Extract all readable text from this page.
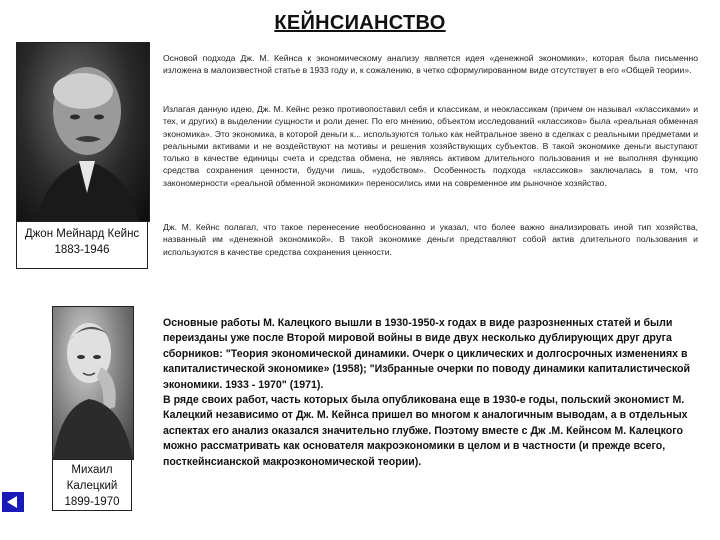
КЕЙНСИАНСТВО
Джон Мейнард Кейнс
1883-1946

Основой подхода Дж. М. Кейнса к экономическому анализу является идея «денежной экономики», которая была письменно изложена в малоизвестной статье в 1933 году и, к сожалению, в четко сформулированном виде отсутствует в его «Общей теории».

Излагая данную идею, Дж. М. Кейнс резко противопоставил себя и классикам, и неоклассикам (причем он называл «классиками» и тех, и других) в выделении сущности и роли денег. По его мнению, объектом исследований «классиков» была «реальная обменная экономика». Это экономика, в которой деньги к... используются только как нейтральное звено в сделках с реальными предметами и реальными активами и не воздействуют на мотивы и решения хозяйствующих субъектов. В такой экономике деньги выступают только в качестве единицы счета и средства обмена, не являясь активом длительного пользования и не выполняя функцию средства сохранения ценности, будучи лишь, «удобством». Особенность подхода «классиков» заключалась в том, что закономерности «реальной обменной экономики» переносились ими на современное им рыночное хозяйство.

Дж. М. Кейнс полагал, что такое перенесение необоснованно и указал, что более важно анализировать иной тип хозяйства, названный им «денежной экономикой». В такой экономике деньги представляют собой актив длительного пользования и используются в качестве средства сохранения ценности.

Михаил Калецкий
1899-1970

Основные работы М. Калецкого вышли в 1930-1950-х годах в виде разрозненных статей и были переизданы уже после Второй мировой войны в виде двух несколько дублирующих друг друга сборников: "Теория экономической динамики. Очерк о циклических и долгосрочных изменениях в капиталистической экономике» (1958); "Избранные очерки по поводу динамики капиталистической экономики. 1933 - 1970" (1971).
В ряде своих работ, часть которых была опубликована еще в 1930-е годы, польский экономист М. Калецкий независимо от Дж. М. Кейнса пришел во многом к аналогичным выводам, а в отдельных аспектах его анализ оказался значительно глубже. Поэтому вместе с Дж .М. Кейнсом М. Калецкого можно рассматривать как основателя макроэкономики в целом и в частности (и прежде всего, посткейнсианской макроэкономической теории).
